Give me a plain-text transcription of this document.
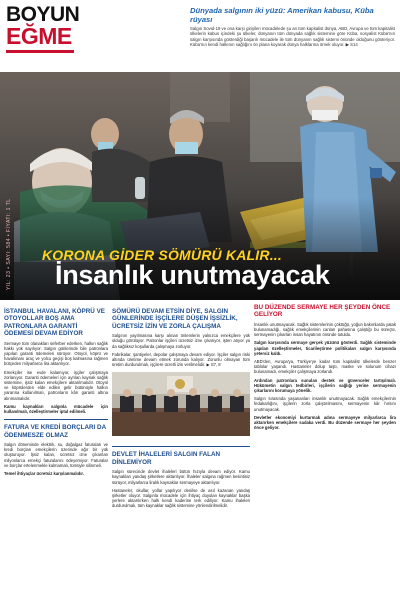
BOYUN
EĞME
Dünyada salgının iki yüzü: Amerikan kabusu, Küba rüyası
Salgın Sovid-19 ve ona karşı girişilen mücadelede şu an tüm kapitalist dünya, ABD, Avrupa ve tüm kapitalist ülkelerin kabus içindeki şu ülkeler, dünyanın tüm dünyada sağlık sistemine göre Küba, sosyalist Küba'nın salgın karşısında gösterdiği başarılı mücadele ile tüm dünyanın sağlık sistemi önünde olduğunu gösteriyor. Küba'nın kendi halkının sağlığını ön plana koyarak dünya halklarına örnek oluyor. ▶ S14
YIL: 23 • SAYI: 584 • FİYATI: 1 TL KORONA GİDER SÖMÜRÜ KALIR...
İnsanlık unutmayacak
İSTANBUL HAVALANI, KÖPRÜ VE OTOYOLLAR BOŞ AMA PATRONLARA GARANTİ ÖDEMESİ DEVAM EDİYOR
Sermaye tüm olanakları seferber ederken, halkın sağlık hakkı yok sayılıyor. Salgın günlerinde bile patronlara yapılan garanti ödemeleri sürüyor. Otoyol, köprü ve havalimanı araç ve yolcu geçişi boş kalmasına rağmen bütçeden milyarlarca lira aktarılıyor.
Emekçiler ise evde kalamıyor, işçiler çalışmaya zorlanıyor. Garanti ödemeleri için ayrılan kaynak sağlık sistemine, işsiz kalan emekçilere aktarılmalıdır. Otoyol ve köprülerden elde edilen gelir bütünüyle halkın yararına kullanılmalı, patronların kârı garanti altına alınmamalıdır.
Kamu kaynakları salgınla mücadele için kullanılmalı, özelleştirmeler iptal edilmeli.
FATURA VE KREDİ BORÇLARI DA ÖDENMESZE OLMAZ
Salgın döneminde elektrik, su, doğalgaz faturaları ve kredi borçları emekçilerin üzerinde ağır bir yük oluşturuyor. İşsiz kalan, ücretsiz izne çıkarılan milyonlarca emekçi faturalarını ödeyemiyor. Faturalar ve borçlar ertelenmekle kalmamalı, tümüyle silinmeli.
Temel ihtiyaçlar ücretsiz karşılanmalıdır.
SÖMÜRÜ DEVAM ETSİN DİYE, SALGIN GÜNLERİNDE İŞÇİLERE DÜŞEN İŞSİZLİK, ÜCRETSİZ İZİN VE ZORLA ÇALIŞMA
Salgının yayılmasına karşı alınan önlemlerin yalnızca emekçilere yük olduğu görülüyor. Patronlar işçileri ücretsiz izne çıkarıyor, işten atıyor ya da sağlıksız koşullarda çalışmaya zorluyor.
Fabrikalar, şantiyeler, depolar çalışmaya devam ediyor. İşçiler salgın riski altında üretime devam etmek zorunda kalıyor. Zorunlu olmayan tüm üretim durdurulmalı, işçilere ücretli izin verilmelidir. ▶ S7, 8
DEVLET İHALELERİ SALGIN FALAN DİNLEMİYOR
Salgın sürecinde devlet ihaleleri bütün hızıyla devam ediyor. Kamu kaynakları yandaş şirketlere aktarılıyor. İhaleler salgına rağmen kesintisiz sürüyor, milyarlarca liralık kaynaklar sermayeye aktarılıyor.
Hastaneler, okullar, yollar yapılıyor denilse de asıl kazanan yandaş şirketler oluyor. Salgınla mücadele için ihtiyaç duyulan kaynaklar başka yerlere aktarılırken halk kendi kaderine terk ediliyor. Kamu ihaleleri durdurulmalı, tüm kaynaklar sağlık sistemine yönlendirilmelidir.
BU DÜZENDE SERMAYE HER ŞEYDEN ÖNCE GELİYOR
İnsanlık unutmayacak. Sağlık sistemlerinin çöktüğü, yoğun bakımlarda yatak bulunamadığı, sağlık emekçilerinin canları pahasına çalıştığı bu süreçte, sermayenin çıkarları insan hayatının önünde tutuldu.
Salgın karşısında sermaye gerçek yüzünü gösterdi. Sağlık sisteminde yapılan özelleştirmeler, ticarileştirme politikaları salgın karşısında yetersiz kaldı.
ABD'den, Avrupa'ya, Türkiye'ye kadar tüm kapitalist ülkelerde benzer tablolar yaşandı. Hastaneler dolup taştı, maske ve solunum cihazı bulunamadı, emekçiler çalışmaya zorlandı.
Ardından patronlara sunulan destek ve güvenceler tartışılmalı. Hükümetin salgın tedbirleri, işçilerin sağlığı yerine sermayenin çıkarlarını korumaya yönelik.
Salgın sırasında yaşananları insanlık unutmayacak. Sağlık emekçilerinin fedakarlığını, işçilerin zorla çalıştırılmasını, sermayenin kâr hırsını unutmayacak.
Devletler ekonomiyi kurtarmak adına sermayeye milyarlarca lira aktarırken emekçilere sadaka verdi. Bu düzende sermaye her şeyden önce geliyor.
